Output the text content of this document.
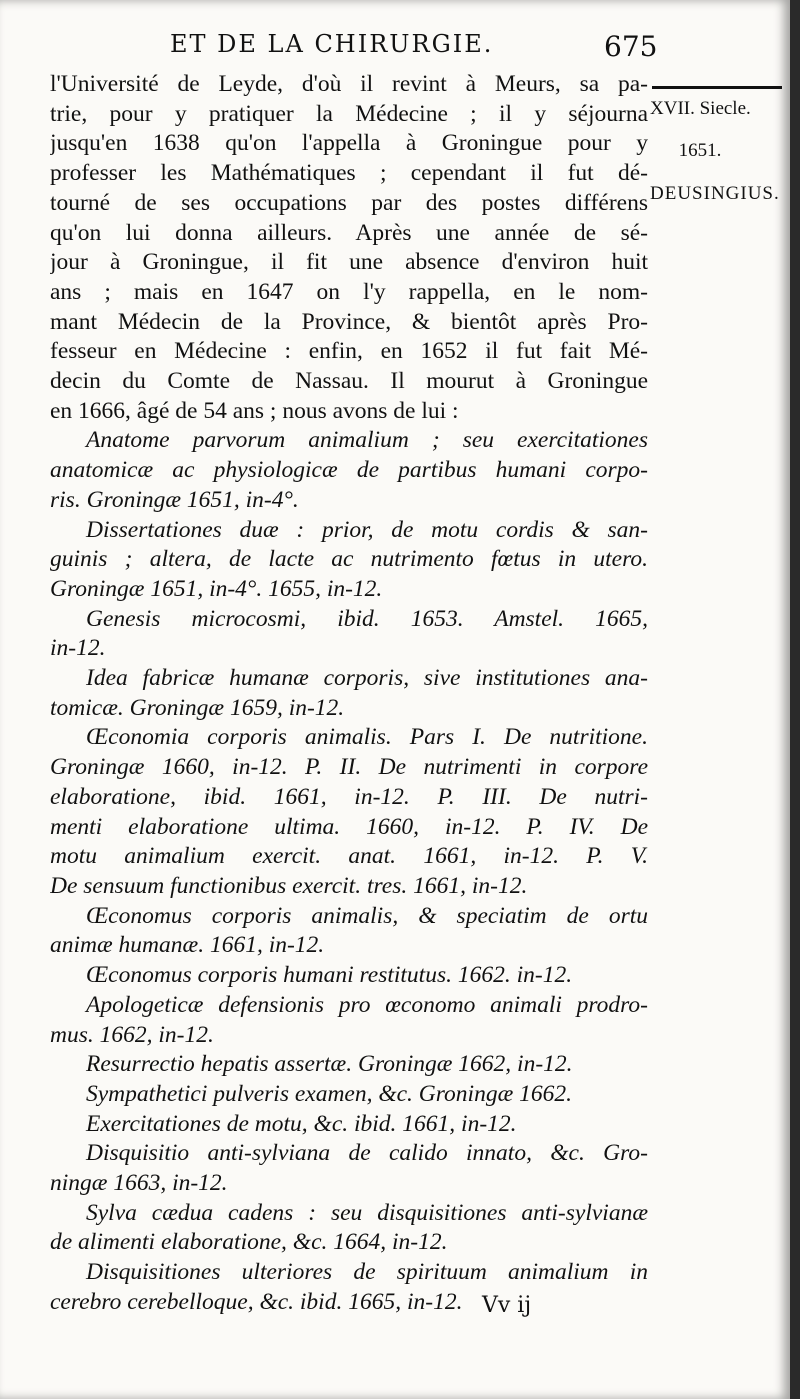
ET DE LA CHIRURGIE.	675
XVII. Siecle.
1651.
DEUSINGIUS.
l'Université de Leyde, d'où il revint à Meurs, sa pa-
trie, pour y pratiquer la Médecine ; il y séjourna
jusqu'en 1638 qu'on l'appella à Groningue pour y
professer les Mathématiques ; cependant il fut dé-
tourné de ses occupations par des postes différens
qu'on lui donna ailleurs. Après une année de sé-
jour à Groningue, il fit une absence d'environ huit
ans ; mais en 1647 on l'y rappella, en le nom-
mant Médecin de la Province, & bientôt après Pro-
fesseur en Médecine : enfin, en 1652 il fut fait Mé-
decin du Comte de Nassau. Il mourut à Groningue
en 1666, âgé de 54 ans ; nous avons de lui :
Anatome parvorum animalium ; seu exercitationes
anatomicæ ac physiologicæ de partibus humani corpo-
ris. Groningæ 1651, in-4°.
Dissertationes duæ : prior, de motu cordis & san-
guinis ; altera, de lacte ac nutrimento fœtus in utero.
Groningæ 1651, in-4°. 1655, in-12.
Genesis microcosmi, ibid. 1653. Amstel. 1665,
in-12.
Idea fabricæ humanæ corporis, sive institutiones ana-
tomicæ. Groningæ 1659, in-12.
Œconomia corporis animalis. Pars I. De nutritione.
Groningæ 1660, in-12. P. II. De nutrimenti in corpore
elaboratione, ibid. 1661, in-12. P. III. De nutri-
menti elaboratione ultima. 1660, in-12. P. IV. De
motu animalium exercit. anat. 1661, in-12. P. V.
De sensuum functionibus exercit. tres. 1661, in-12.
Œconomus corporis animalis, & speciatim de ortu
animæ humanæ. 1661, in-12.
Œconomus corporis humani restitutus. 1662. in-12.
Apologeticæ defensionis pro œconomo animali prodro-
mus. 1662, in-12.
Resurrectio hepatis assertæ. Groningæ 1662, in-12.
Sympathetici pulveris examen, &c. Groningæ 1662.
Exercitationes de motu, &c. ibid. 1661, in-12.
Disquisitio anti-sylviana de calido innato, &c. Gro-
ningæ 1663, in-12.
Sylva cædua cadens : seu disquisitiones anti-sylvianæ
de alimenti elaboratione, &c. 1664, in-12.
Disquisitiones ulteriores de spirituum animalium in
cerebro cerebelloque, &c. ibid. 1665, in-12. Vv ij
